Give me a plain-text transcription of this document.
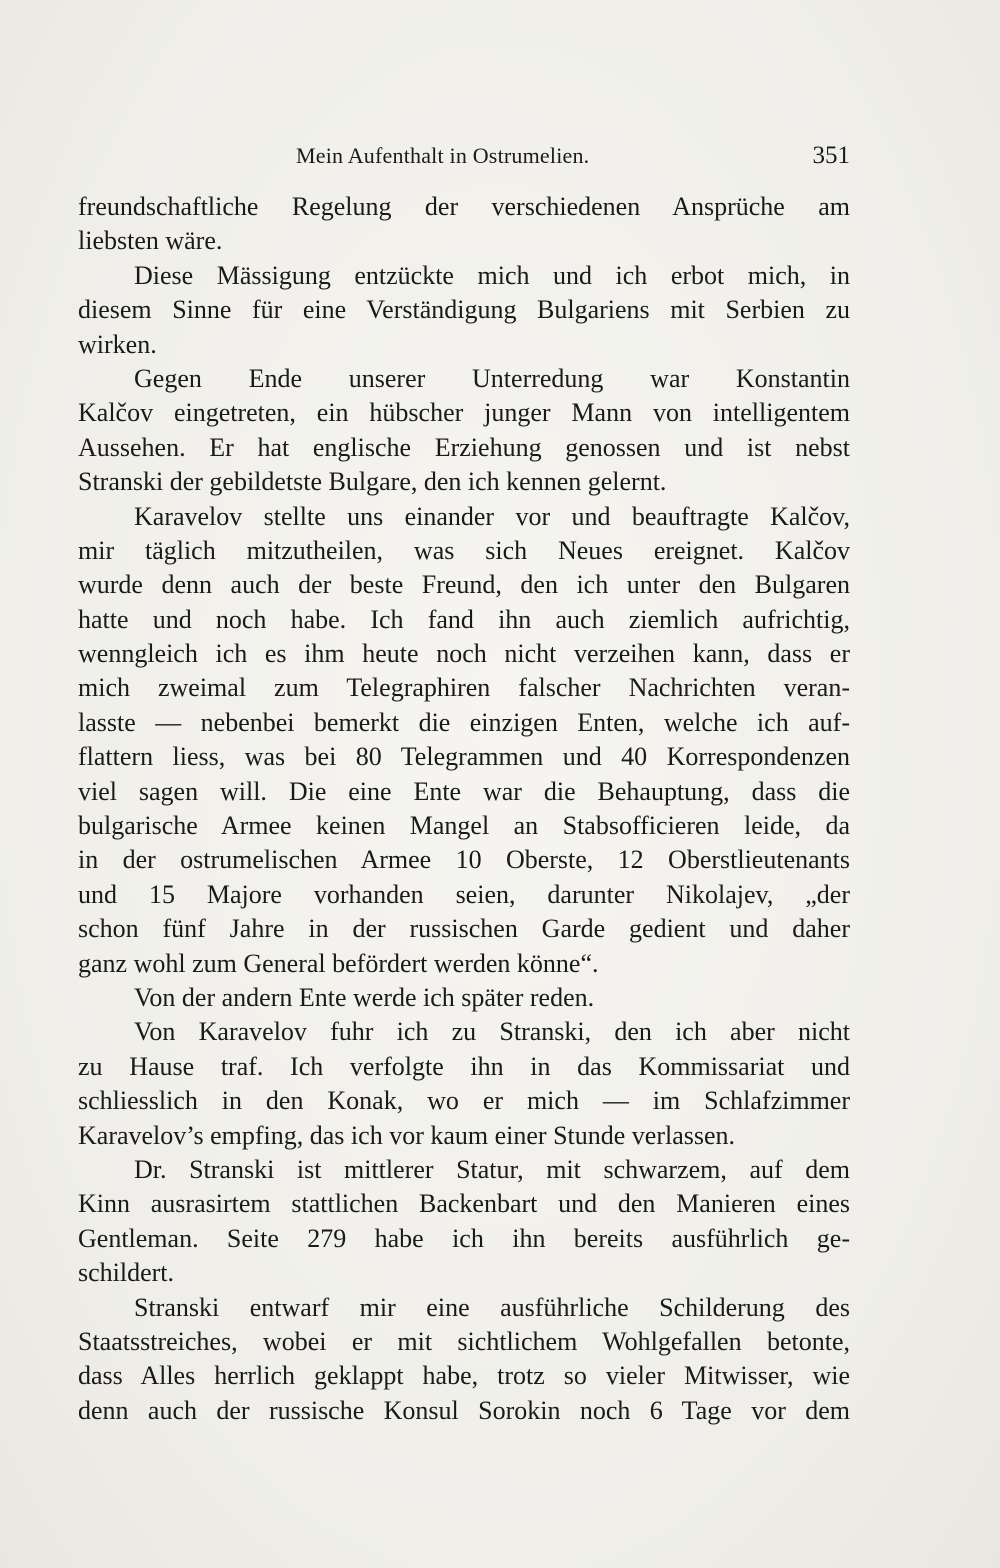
Mein Aufenthalt in Ostrumelien.	351
freundschaftliche Regelung der verschiedenen Ansprüche am
liebsten wäre.
Diese Mässigung entzückte mich und ich erbot mich, in
diesem Sinne für eine Verständigung Bulgariens mit Serbien zu
wirken.
Gegen Ende unserer Unterredung war Konstantin
Kalčov eingetreten, ein hübscher junger Mann von intelligentem
Aussehen. Er hat englische Erziehung genossen und ist nebst
Stranski der gebildetste Bulgare, den ich kennen gelernt.
Karavelov stellte uns einander vor und beauftragte Kalčov,
mir täglich mitzutheilen, was sich Neues ereignet. Kalčov
wurde denn auch der beste Freund, den ich unter den Bulgaren
hatte und noch habe. Ich fand ihn auch ziemlich aufrichtig,
wenngleich ich es ihm heute noch nicht verzeihen kann, dass er
mich zweimal zum Telegraphiren falscher Nachrichten veran-
lasste — nebenbei bemerkt die einzigen Enten, welche ich auf-
flattern liess, was bei 80 Telegrammen und 40 Korrespondenzen
viel sagen will. Die eine Ente war die Behauptung, dass die
bulgarische Armee keinen Mangel an Stabsofficieren leide, da
in der ostrumelischen Armee 10 Oberste, 12 Oberstlieutenants
und 15 Majore vorhanden seien, darunter Nikolajev, „der
schon fünf Jahre in der russischen Garde gedient und daher
ganz wohl zum General befördert werden könne“.
Von der andern Ente werde ich später reden.
Von Karavelov fuhr ich zu Stranski, den ich aber nicht
zu Hause traf. Ich verfolgte ihn in das Kommissariat und
schliesslich in den Konak, wo er mich — im Schlafzimmer
Karavelov’s empfing, das ich vor kaum einer Stunde verlassen.
Dr. Stranski ist mittlerer Statur, mit schwarzem, auf dem
Kinn ausrasirtem stattlichen Backenbart und den Manieren eines
Gentleman. Seite 279 habe ich ihn bereits ausführlich ge-
schildert.
Stranski entwarf mir eine ausführliche Schilderung des
Staatsstreiches, wobei er mit sichtlichem Wohlgefallen betonte,
dass Alles herrlich geklappt habe, trotz so vieler Mitwisser, wie
denn auch der russische Konsul Sorokin noch 6 Tage vor dem
